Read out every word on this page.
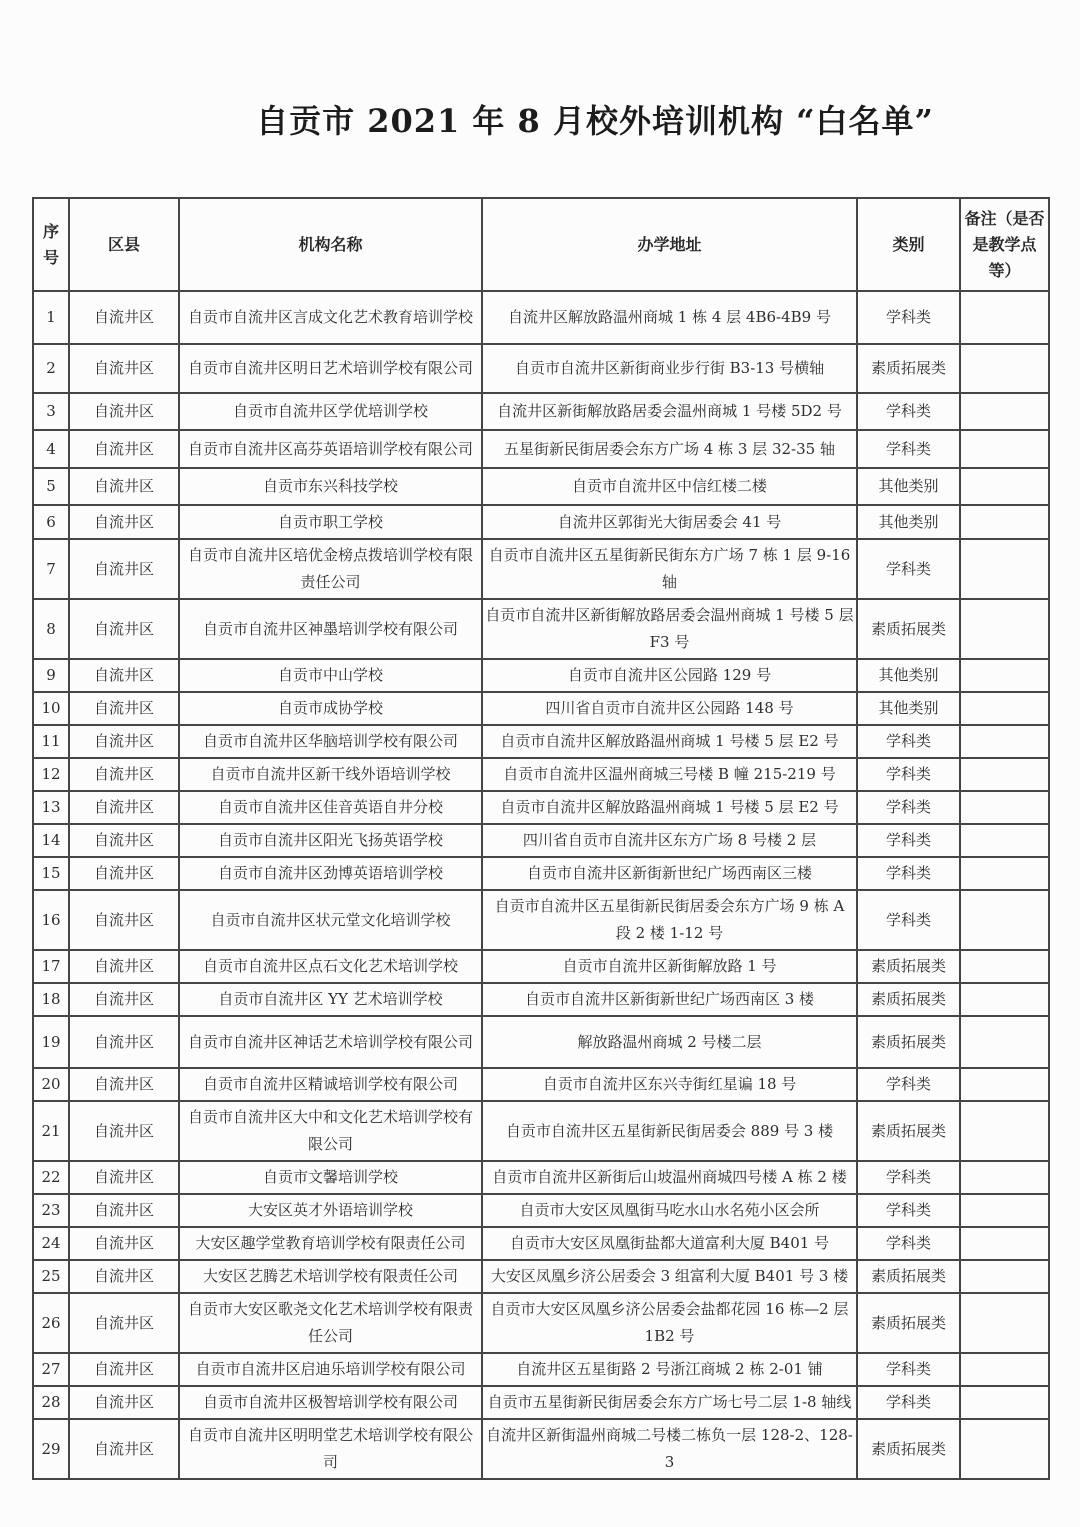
自贡市 2021 年 8 月校外培训机构 “白名单”
序号	区县	机构名称	办学地址	类别	备注（是否是教学点等）
1	自流井区	自贡市自流井区言成文化艺术教育培训学校	自流井区解放路温州商城 1 栋 4 层 4B6-4B9 号	学科类	
2	自流井区	自贡市自流井区明日艺术培训学校有限公司	自贡市自流井区新街商业步行街 B3-13 号横轴	素质拓展类	
3	自流井区	自贡市自流井区学优培训学校	自流井区新街解放路居委会温州商城 1 号楼 5D2 号	学科类	
4	自流井区	自贡市自流井区高芬英语培训学校有限公司	五星街新民街居委会东方广场 4 栋 3 层 32-35 轴	学科类	
5	自流井区	自贡市东兴科技学校	自贡市自流井区中信红楼二楼	其他类别	
6	自流井区	自贡市职工学校	自流井区郭街光大街居委会 41 号	其他类别	
7	自流井区	自贡市自流井区培优金榜点拨培训学校有限责任公司	自贡市自流井区五星街新民街东方广场 7 栋 1 层 9-16 轴	学科类	
8	自流井区	自贡市自流井区神墨培训学校有限公司	自贡市自流井区新街解放路居委会温州商城 1 号楼 5 层 F3 号	素质拓展类	
9	自流井区	自贡市中山学校	自贡市自流井区公园路 129 号	其他类别	
10	自流井区	自贡市成协学校	四川省自贡市自流井区公园路 148 号	其他类别	
11	自流井区	自贡市自流井区华脑培训学校有限公司	自贡市自流井区解放路温州商城 1 号楼 5 层 E2 号	学科类	
12	自流井区	自贡市自流井区新干线外语培训学校	自贡市自流井区温州商城三号楼 B 幢 215-219 号	学科类	
13	自流井区	自贡市自流井区佳音英语自井分校	自贡市自流井区解放路温州商城 1 号楼 5 层 E2 号	学科类	
14	自流井区	自贡市自流井区阳光飞扬英语学校	四川省自贡市自流井区东方广场 8 号楼 2 层	学科类	
15	自流井区	自贡市自流井区劲博英语培训学校	自贡市自流井区新街新世纪广场西南区三楼	学科类	
16	自流井区	自贡市自流井区状元堂文化培训学校	自贡市自流井区五星街新民街居委会东方广场 9 栋 A 段 2 楼 1-12 号	学科类	
17	自流井区	自贡市自流井区点石文化艺术培训学校	自贡市自流井区新街解放路 1 号	素质拓展类	
18	自流井区	自贡市自流井区 YY 艺术培训学校	自贡市自流井区新街新世纪广场西南区 3 楼	素质拓展类	
19	自流井区	自贡市自流井区神话艺术培训学校有限公司	解放路温州商城 2 号楼二层	素质拓展类	
20	自流井区	自贡市自流井区精诚培训学校有限公司	自贡市自流井区东兴寺街红星谝 18 号	学科类	
21	自流井区	自贡市自流井区大中和文化艺术培训学校有限公司	自贡市自流井区五星街新民街居委会 889 号 3 楼	素质拓展类	
22	自流井区	自贡市文馨培训学校	自贡市自流井区新街后山坡温州商城四号楼 A 栋 2 楼	学科类	
23	自流井区	大安区英才外语培训学校	自贡市大安区凤凰街马吃水山水名苑小区会所	学科类	
24	自流井区	大安区趣学堂教育培训学校有限责任公司	自贡市大安区凤凰街盐都大道富利大厦 B401 号	学科类	
25	自流井区	大安区艺腾艺术培训学校有限责任公司	大安区凤凰乡济公居委会 3 组富利大厦 B401 号 3 楼	素质拓展类	
26	自流井区	自贡市大安区歌尧文化艺术培训学校有限责任公司	自贡市大安区凤凰乡济公居委会盐都花园 16 栋—2 层 1B2 号	素质拓展类	
27	自流井区	自贡市自流井区启迪乐培训学校有限公司	自流井区五星街路 2 号浙江商城 2 栋 2-01 铺	学科类	
28	自流井区	自贡市自流井区极智培训学校有限公司	自贡市五星街新民街居委会东方广场七号二层 1-8 轴线	学科类	
29	自流井区	自贡市自流井区明明堂艺术培训学校有限公司	自流井区新街温州商城二号楼二栋负一层 128-2、128-3	素质拓展类	
